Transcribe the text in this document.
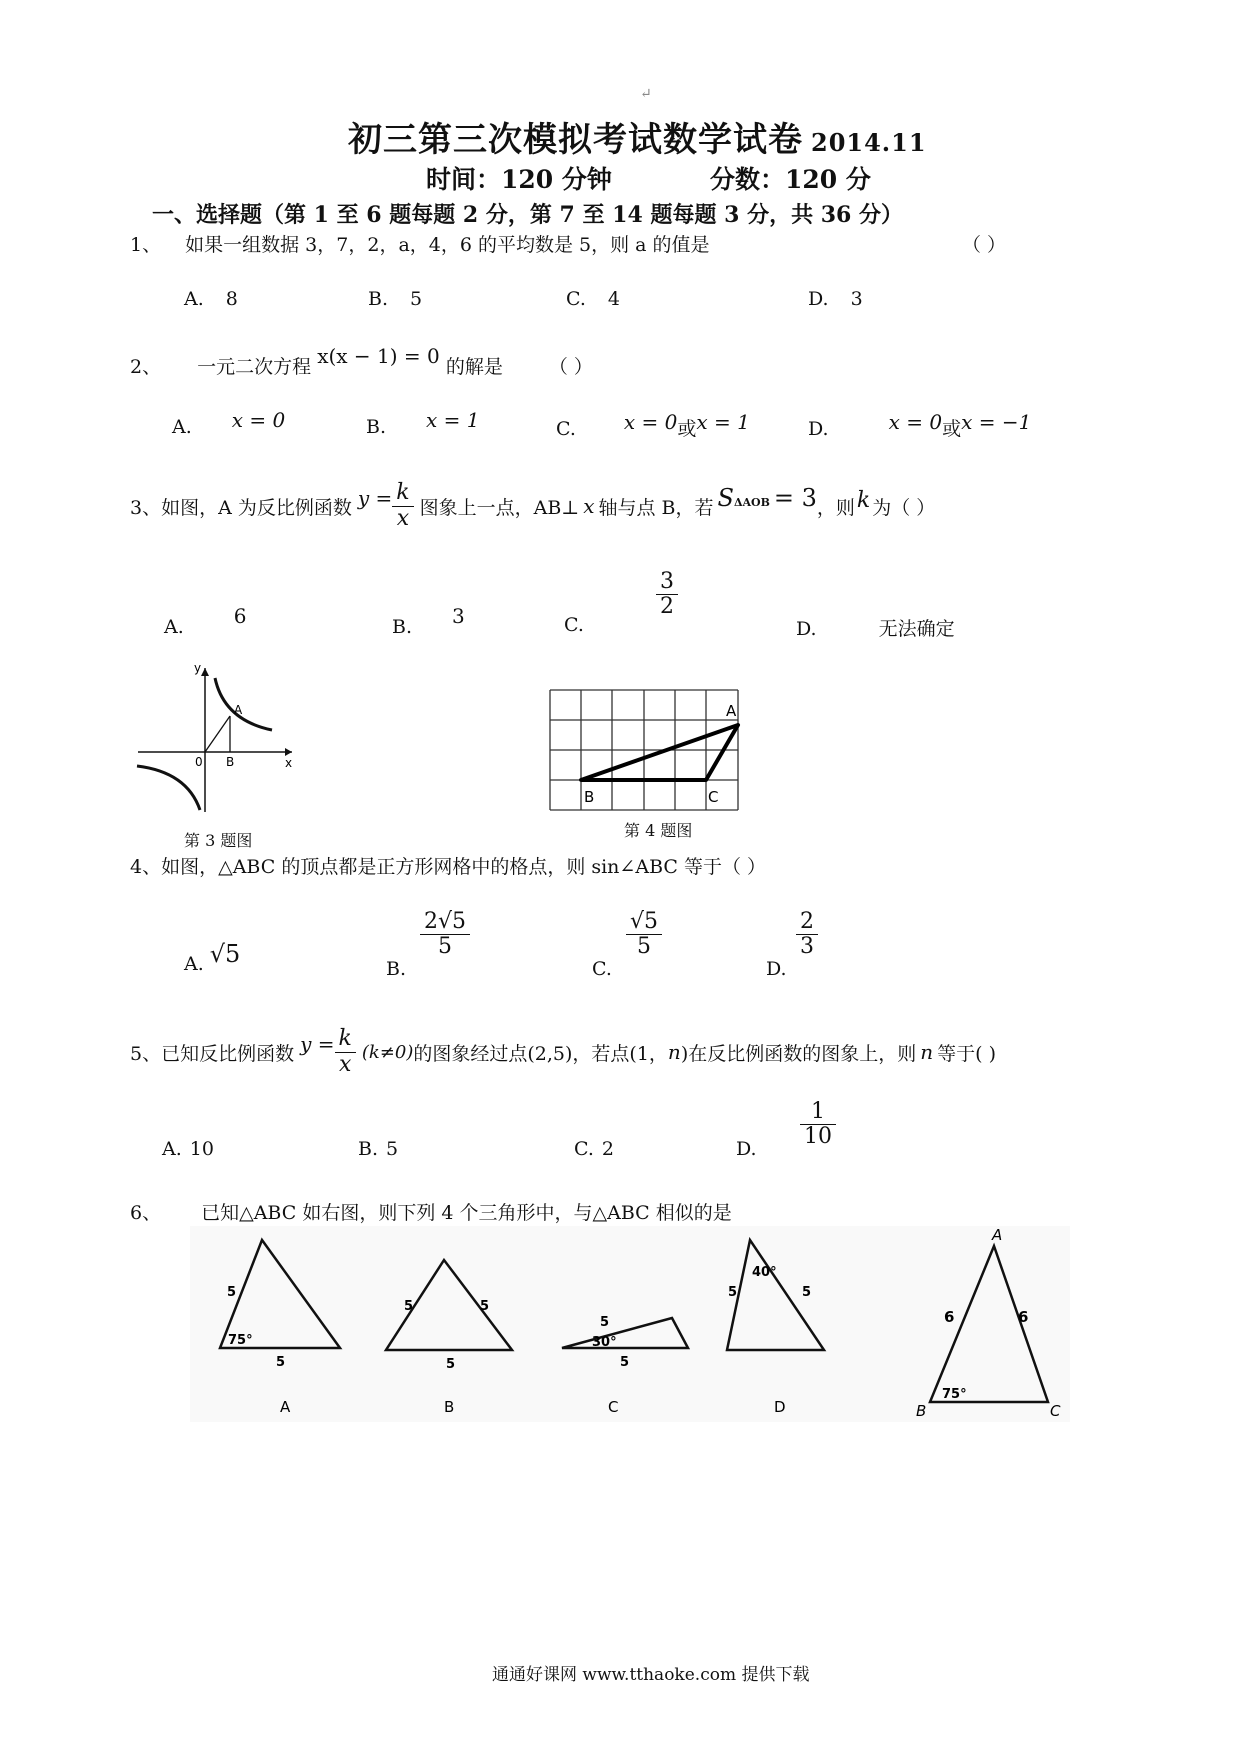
↵
初三第三次模拟考试数学试卷 2014.11
时间：120 分钟	分数：120 分
一、选择题（第 1 至 6 题每题 2 分，第 7 至 14 题每题 3 分，共 36 分）
1、 如果一组数据 3，7，2，a，4，6 的平均数是 5，则 a 的值是	（ ）
A. 8	B. 5	C. 4	D. 3
2、 一元二次方程 x(x − 1) = 0 的解是 （ ）
A. x = 0	B. x = 1	C. x = 0或x = 1	D.	x = 0或x = −1
3、 如图，A 为反比例函数 $y = \frac{k}{x}$ 图象上一点，AB⊥ x 轴与点 B，若 S ΔAOB = 3 ，则 k 为（ ）
A.	6	B. 3	C.
$\frac{3}{2}$
D.	无法确定
y
x
0
A
B
第 3 题图
A
B	C
第 4 题图
4、如图，△ABC 的顶点都是正方形网格中的格点，则 sin∠ABC 等于（ ）
A. √5
B.
$\frac{2√5}{5}$
C.
$\frac{√5}{5}$
D.
$\frac{2}{3}$
5、 已知反比例函数 $y = \frac{k}{x} (k\ne 0)$ 的图象经过点(2,5)，若点(1， n )在反比例函数的图象上，则 n 等于( )
A. 10	B. 5	C. 2	D. $\frac{1}{10}$
6、 已知△ABC 如右图，则下列 4 个三角形中，与△ABC 相似的是
5
5
75°
A
5	5
5
B
5
5
30°
C
5	5
40°
D
A
B	C
6	6
75°
通通好课网 www.tthaoke.com 提供下载
